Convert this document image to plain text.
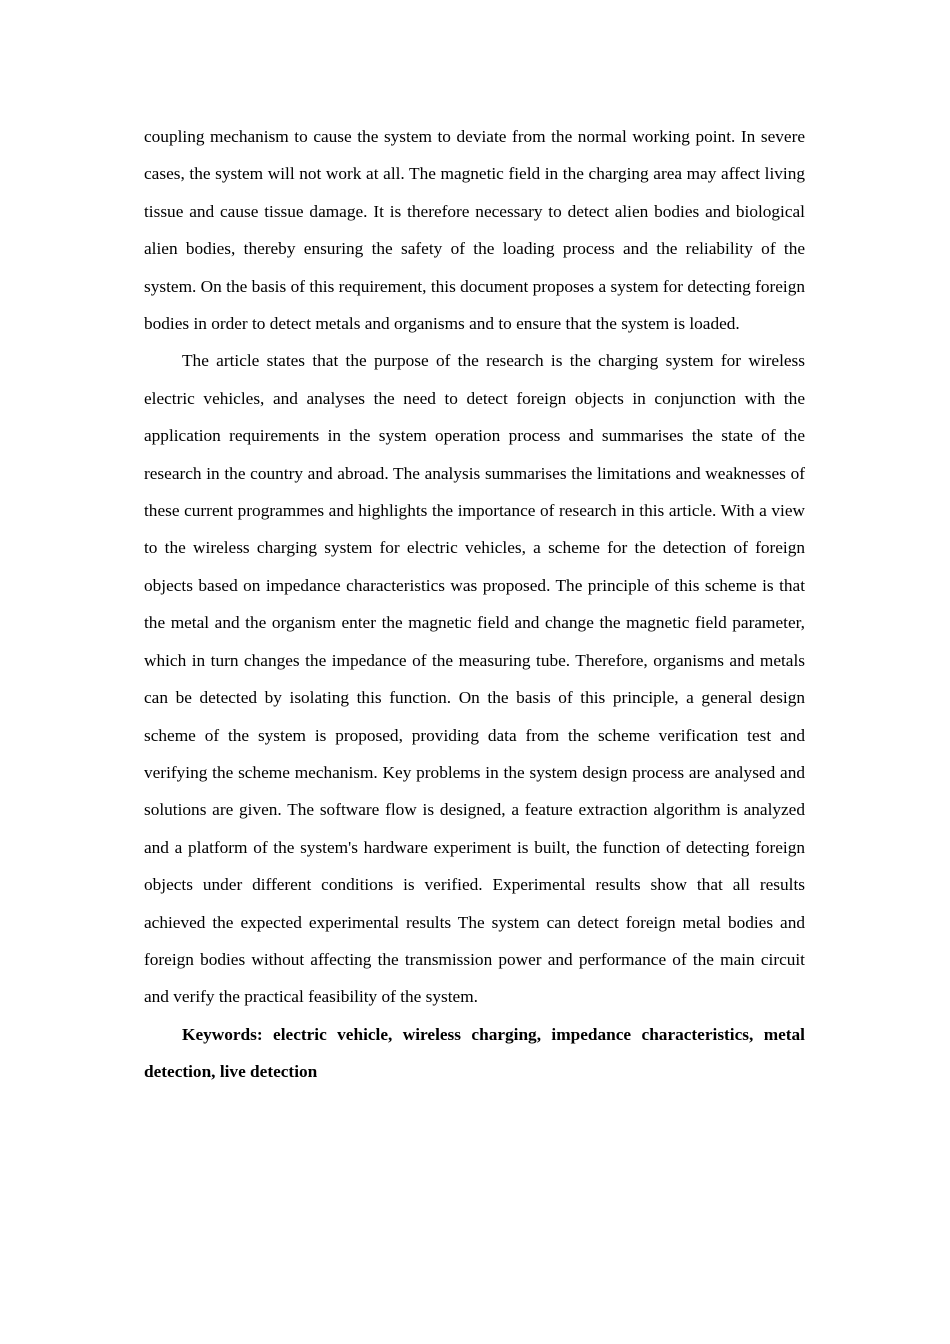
coupling mechanism to cause the system to deviate from the normal working point. In severe cases, the system will not work at all. The magnetic field in the charging area may affect living tissue and cause tissue damage. It is therefore necessary to detect alien bodies and biological alien bodies, thereby ensuring the safety of the loading process and the reliability of the system. On the basis of this requirement, this document proposes a system for detecting foreign bodies in order to detect metals and organisms and to ensure that the system is loaded.

The article states that the purpose of the research is the charging system for wireless electric vehicles, and analyses the need to detect foreign objects in conjunction with the application requirements in the system operation process and summarises the state of the research in the country and abroad. The analysis summarises the limitations and weaknesses of these current programmes and highlights the importance of research in this article. With a view to the wireless charging system for electric vehicles, a scheme for the detection of foreign objects based on impedance characteristics was proposed. The principle of this scheme is that the metal and the organism enter the magnetic field and change the magnetic field parameter, which in turn changes the impedance of the measuring tube. Therefore, organisms and metals can be detected by isolating this function. On the basis of this principle, a general design scheme of the system is proposed, providing data from the scheme verification test and verifying the scheme mechanism. Key problems in the system design process are analysed and solutions are given. The software flow is designed, a feature extraction algorithm is analyzed and a platform of the system's hardware experiment is built, the function of detecting foreign objects under different conditions is verified. Experimental results show that all results achieved the expected experimental results The system can detect foreign metal bodies and foreign bodies without affecting the transmission power and performance of the main circuit and verify the practical feasibility of the system.

Keywords: electric vehicle, wireless charging, impedance characteristics, metal detection, live detection
